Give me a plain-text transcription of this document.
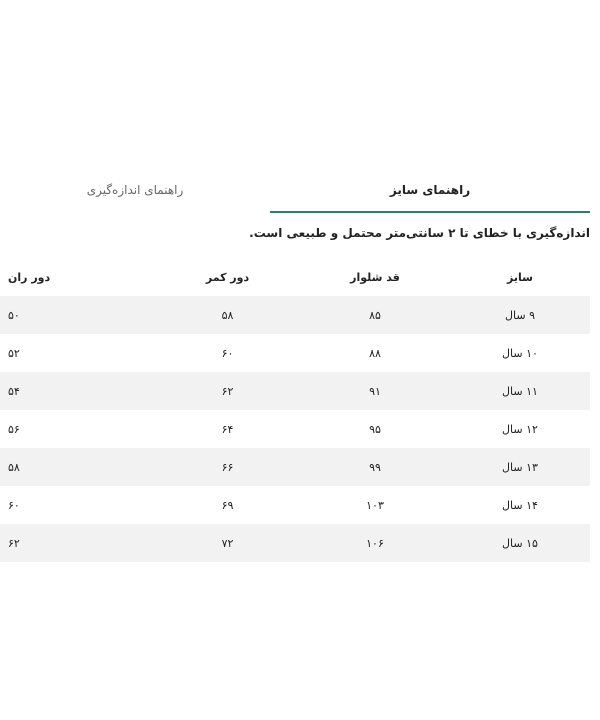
راهنمای سایز
راهنمای اندازه‌گیری
اندازه‌گیری با خطای تا ۲ سانتی‌متر محتمل و طبیعی است.
سایز
قد شلوار
دور کمر
دور ران
۹ سال
۸۵
۵۸
۵۰
۱۰ سال
۸۸
۶۰
۵۲
۱۱ سال
۹۱
۶۲
۵۴
۱۲ سال
۹۵
۶۴
۵۶
۱۳ سال
۹۹
۶۶
۵۸
۱۴ سال
۱۰۳
۶۹
۶۰
۱۵ سال
۱۰۶
۷۲
۶۲
